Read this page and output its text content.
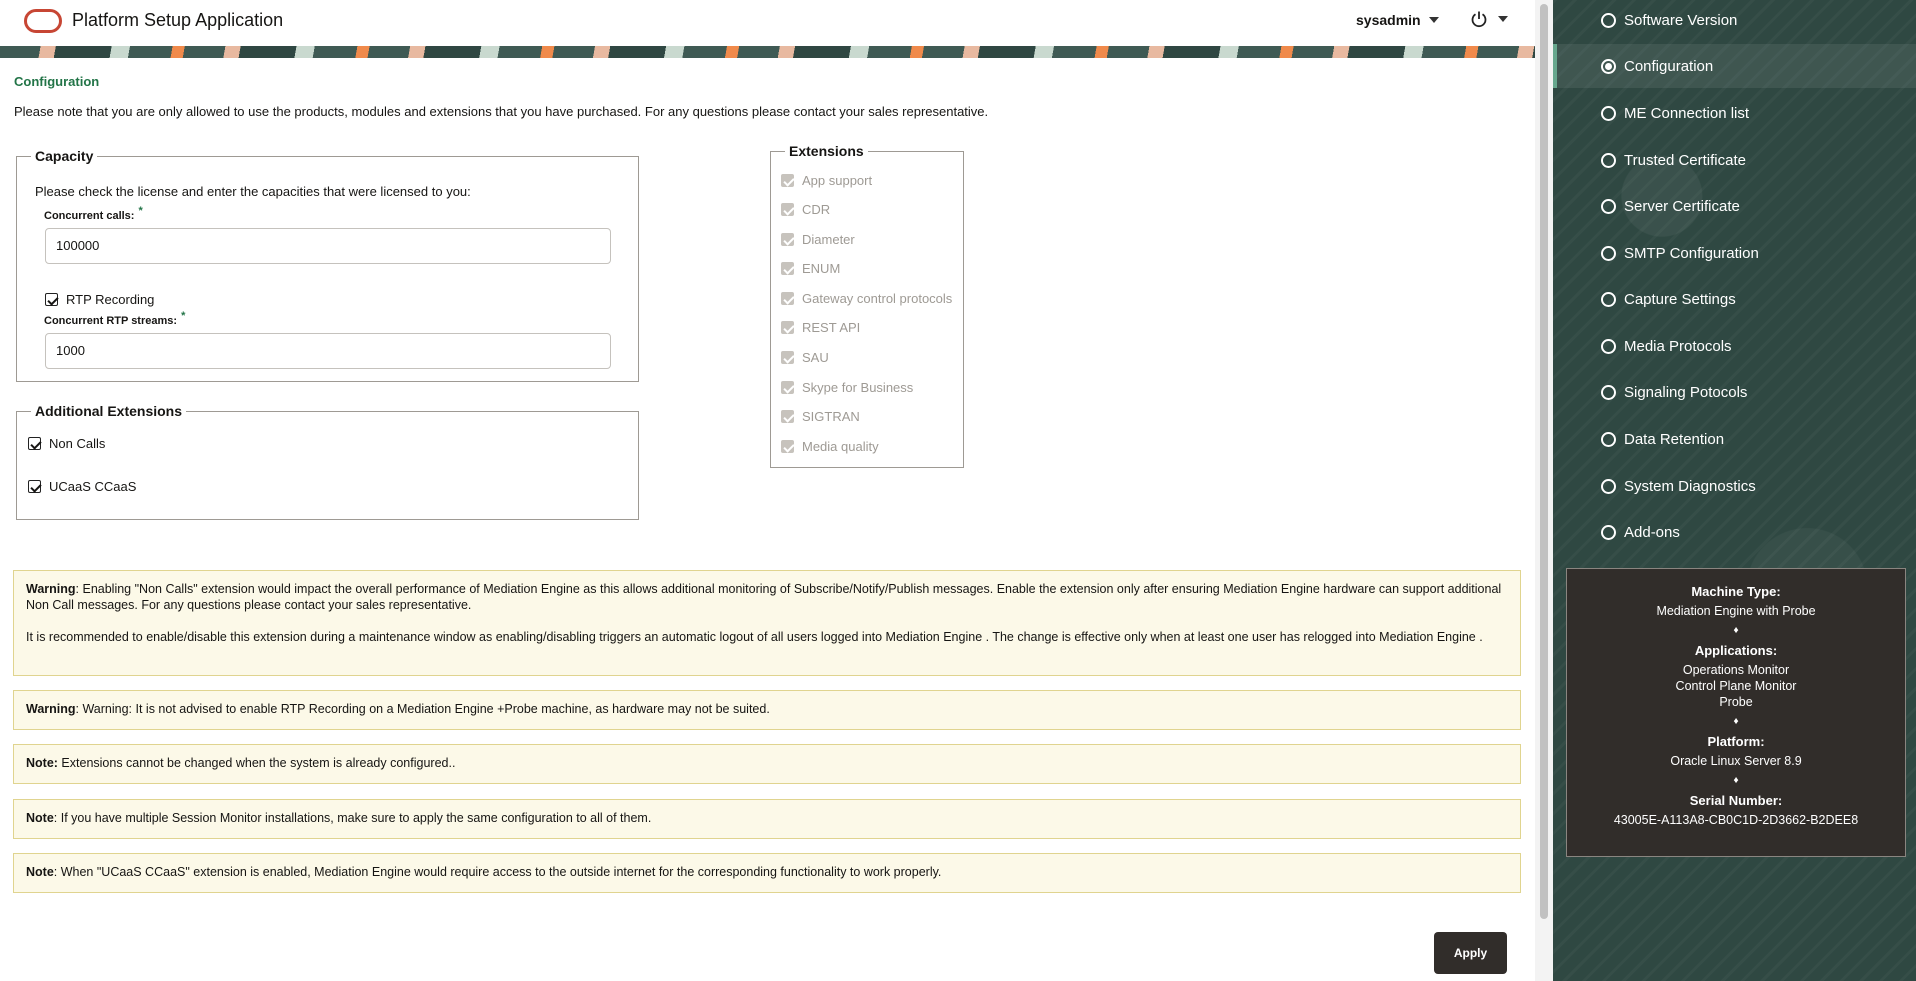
Platform Setup Application	sysadmin
Configuration
Please note that you are only allowed to use the products, modules and extensions that you have purchased. For any questions please contact your sales representative.
Capacity
Please check the license and enter the capacities that were licensed to you:
Concurrent calls: *
100000
RTP Recording
Concurrent RTP streams: *
1000
Additional Extensions
Non Calls
UCaaS CCaaS
Extensions
App support
CDR
Diameter
ENUM
Gateway control protocols
REST API
SAU
Skype for Business
SIGTRAN
Media quality
Warning: Enabling "Non Calls" extension would impact the overall performance of Mediation Engine as this allows additional monitoring of Subscribe/Notify/Publish messages. Enable the extension only after ensuring Mediation Engine hardware can support additional Non Call messages. For any questions please contact your sales representative.
It is recommended to enable/disable this extension during a maintenance window as enabling/disabling triggers an automatic logout of all users logged into Mediation Engine . The change is effective only when at least one user has relogged into Mediation Engine .
Warning: Warning: It is not advised to enable RTP Recording on a Mediation Engine +Probe machine, as hardware may not be suited.
Note: Extensions cannot be changed when the system is already configured..
Note: If you have multiple Session Monitor installations, make sure to apply the same configuration to all of them.
Note: When "UCaaS CCaaS" extension is enabled, Mediation Engine would require access to the outside internet for the corresponding functionality to work properly.
Apply
Software Version
Configuration
ME Connection list
Trusted Certificate
Server Certificate
SMTP Configuration
Capture Settings
Media Protocols
Signaling Potocols
Data Retention
System Diagnostics
Add-ons
Machine Type:
Mediation Engine with Probe
♦
Applications:
Operations Monitor
Control Plane Monitor
Probe
♦
Platform:
Oracle Linux Server 8.9
♦
Serial Number:
43005E-A113A8-CB0C1D-2D3662-B2DEE8
